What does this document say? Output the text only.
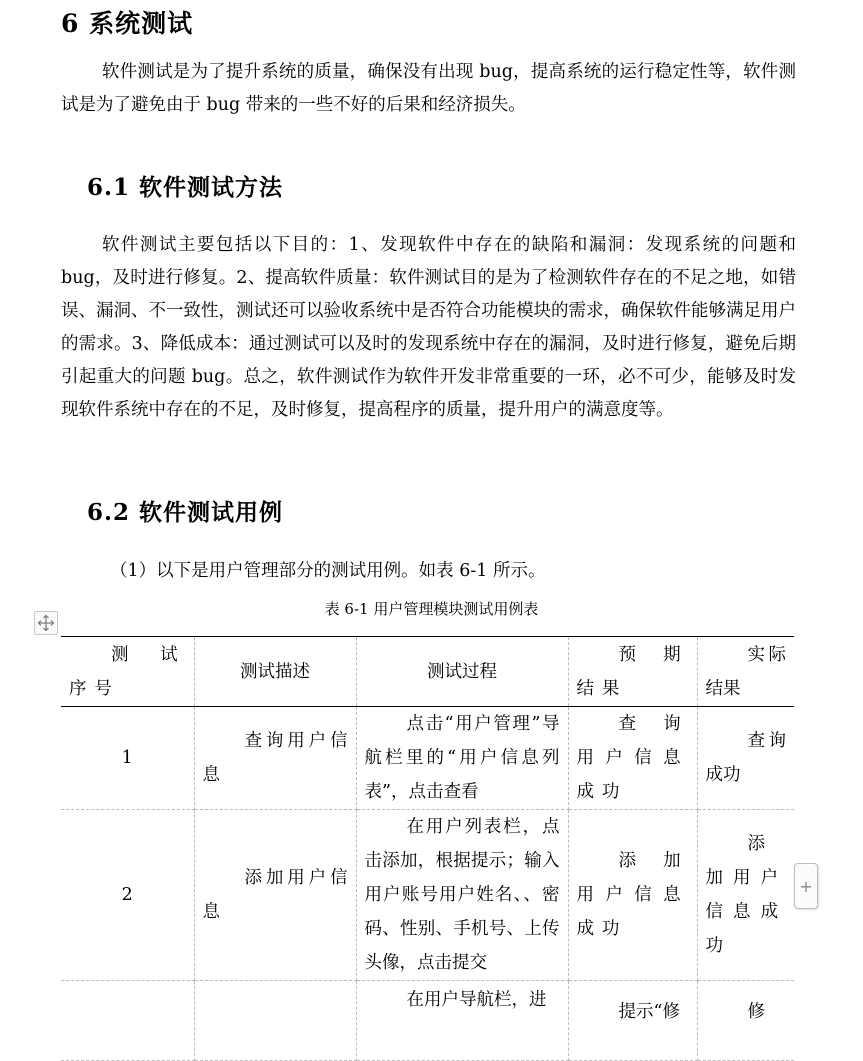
6 系统测试
软件测试是为了提升系统的质量，确保没有出现 bug，提高系统的运行稳定性等，软件测试是为了避免由于 bug 带来的一些不好的后果和经济损失。
6.1 软件测试方法
软件测试主要包括以下目的：1、发现软件中存在的缺陷和漏洞：发现系统的问题和 bug，及时进行修复。2、提高软件质量：软件测试目的是为了检测软件存在的不足之地，如错误、漏洞、不一致性，测试还可以验收系统中是否符合功能模块的需求，确保软件能够满足用户的需求。3、降低成本：通过测试可以及时的发现系统中存在的漏洞，及时进行修复，避免后期引起重大的问题 bug。总之，软件测试作为软件开发非常重要的一环，必不可少，能够及时发现软件系统中存在的不足，及时修复，提高程序的质量，提升用户的满意度等。
6.2 软件测试用例
（1）以下是用户管理部分的测试用例。如表 6-1 所示。
表 6-1 用户管理模块测试用例表
测试序号	测试描述	测试过程	预期结果	实际结果
1	查询用户信息	点击“用户管理”导航栏里的“用户信息列表”，点击查看	查询用户信息成功	查询成功
2	添加用户信息	在用户列表栏，点击添加，根据提示；输入用户账号用户姓名、、密码、性别、手机号、上传头像，点击提交	添加用户信息成功	添加用户信息成功
		在用户导航栏，进	提示“修	修
+
